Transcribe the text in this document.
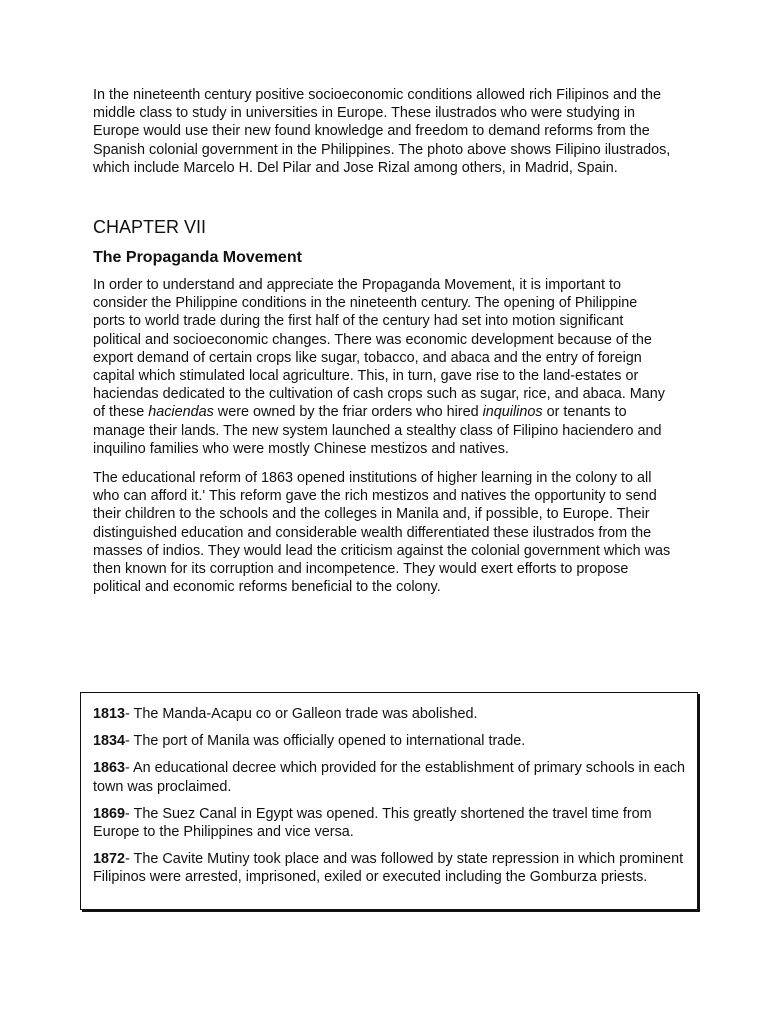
In the nineteenth century positive socioeconomic conditions allowed rich Filipinos and the middle class to study in universities in Europe. These ilustrados who were studying in Europe would use their new found knowledge and freedom to demand reforms from the Spanish colonial government in the Philippines. The photo above shows Filipino ilustrados, which include Marcelo H. Del Pilar and Jose Rizal among others, in Madrid, Spain.

CHAPTER VII
The Propaganda Movement

In order to understand and appreciate the Propaganda Movement, it is important to consider the Philippine conditions in the nineteenth century. The opening of Philippine ports to world trade during the first half of the century had set into motion significant political and socioeconomic changes. There was economic development because of the export demand of certain crops like sugar, tobacco, and abaca and the entry of foreign capital which stimulated local agriculture. This, in turn, gave rise to the land-estates or haciendas dedicated to the cultivation of cash crops such as sugar, rice, and abaca. Many of these haciendas were owned by the friar orders who hired inquilinos or tenants to manage their lands. The new system launched a stealthy class of Filipino haciendero and inquilino families who were mostly Chinese mestizos and natives.

The educational reform of 1863 opened institutions of higher learning in the colony to all who can afford it.' This reform gave the rich mestizos and natives the opportunity to send their children to the schools and the colleges in Manila and, if possible, to Europe. Their distinguished education and considerable wealth differentiated these ilustrados from the masses of indios. They would lead the criticism against the colonial government which was then known for its corruption and incompetence. They would exert efforts to propose political and economic reforms beneficial to the colony.

1813- The Manda-Acapu co or Galleon trade was abolished.

1834- The port of Manila was officially opened to international trade.

1863- An educational decree which provided for the establishment of primary schools in each town was proclaimed.

1869- The Suez Canal in Egypt was opened. This greatly shortened the travel time from Europe to the Philippines and vice versa.

1872- The Cavite Mutiny took place and was followed by state repression in which prominent Filipinos were arrested, imprisoned, exiled or executed including the Gomburza priests.
